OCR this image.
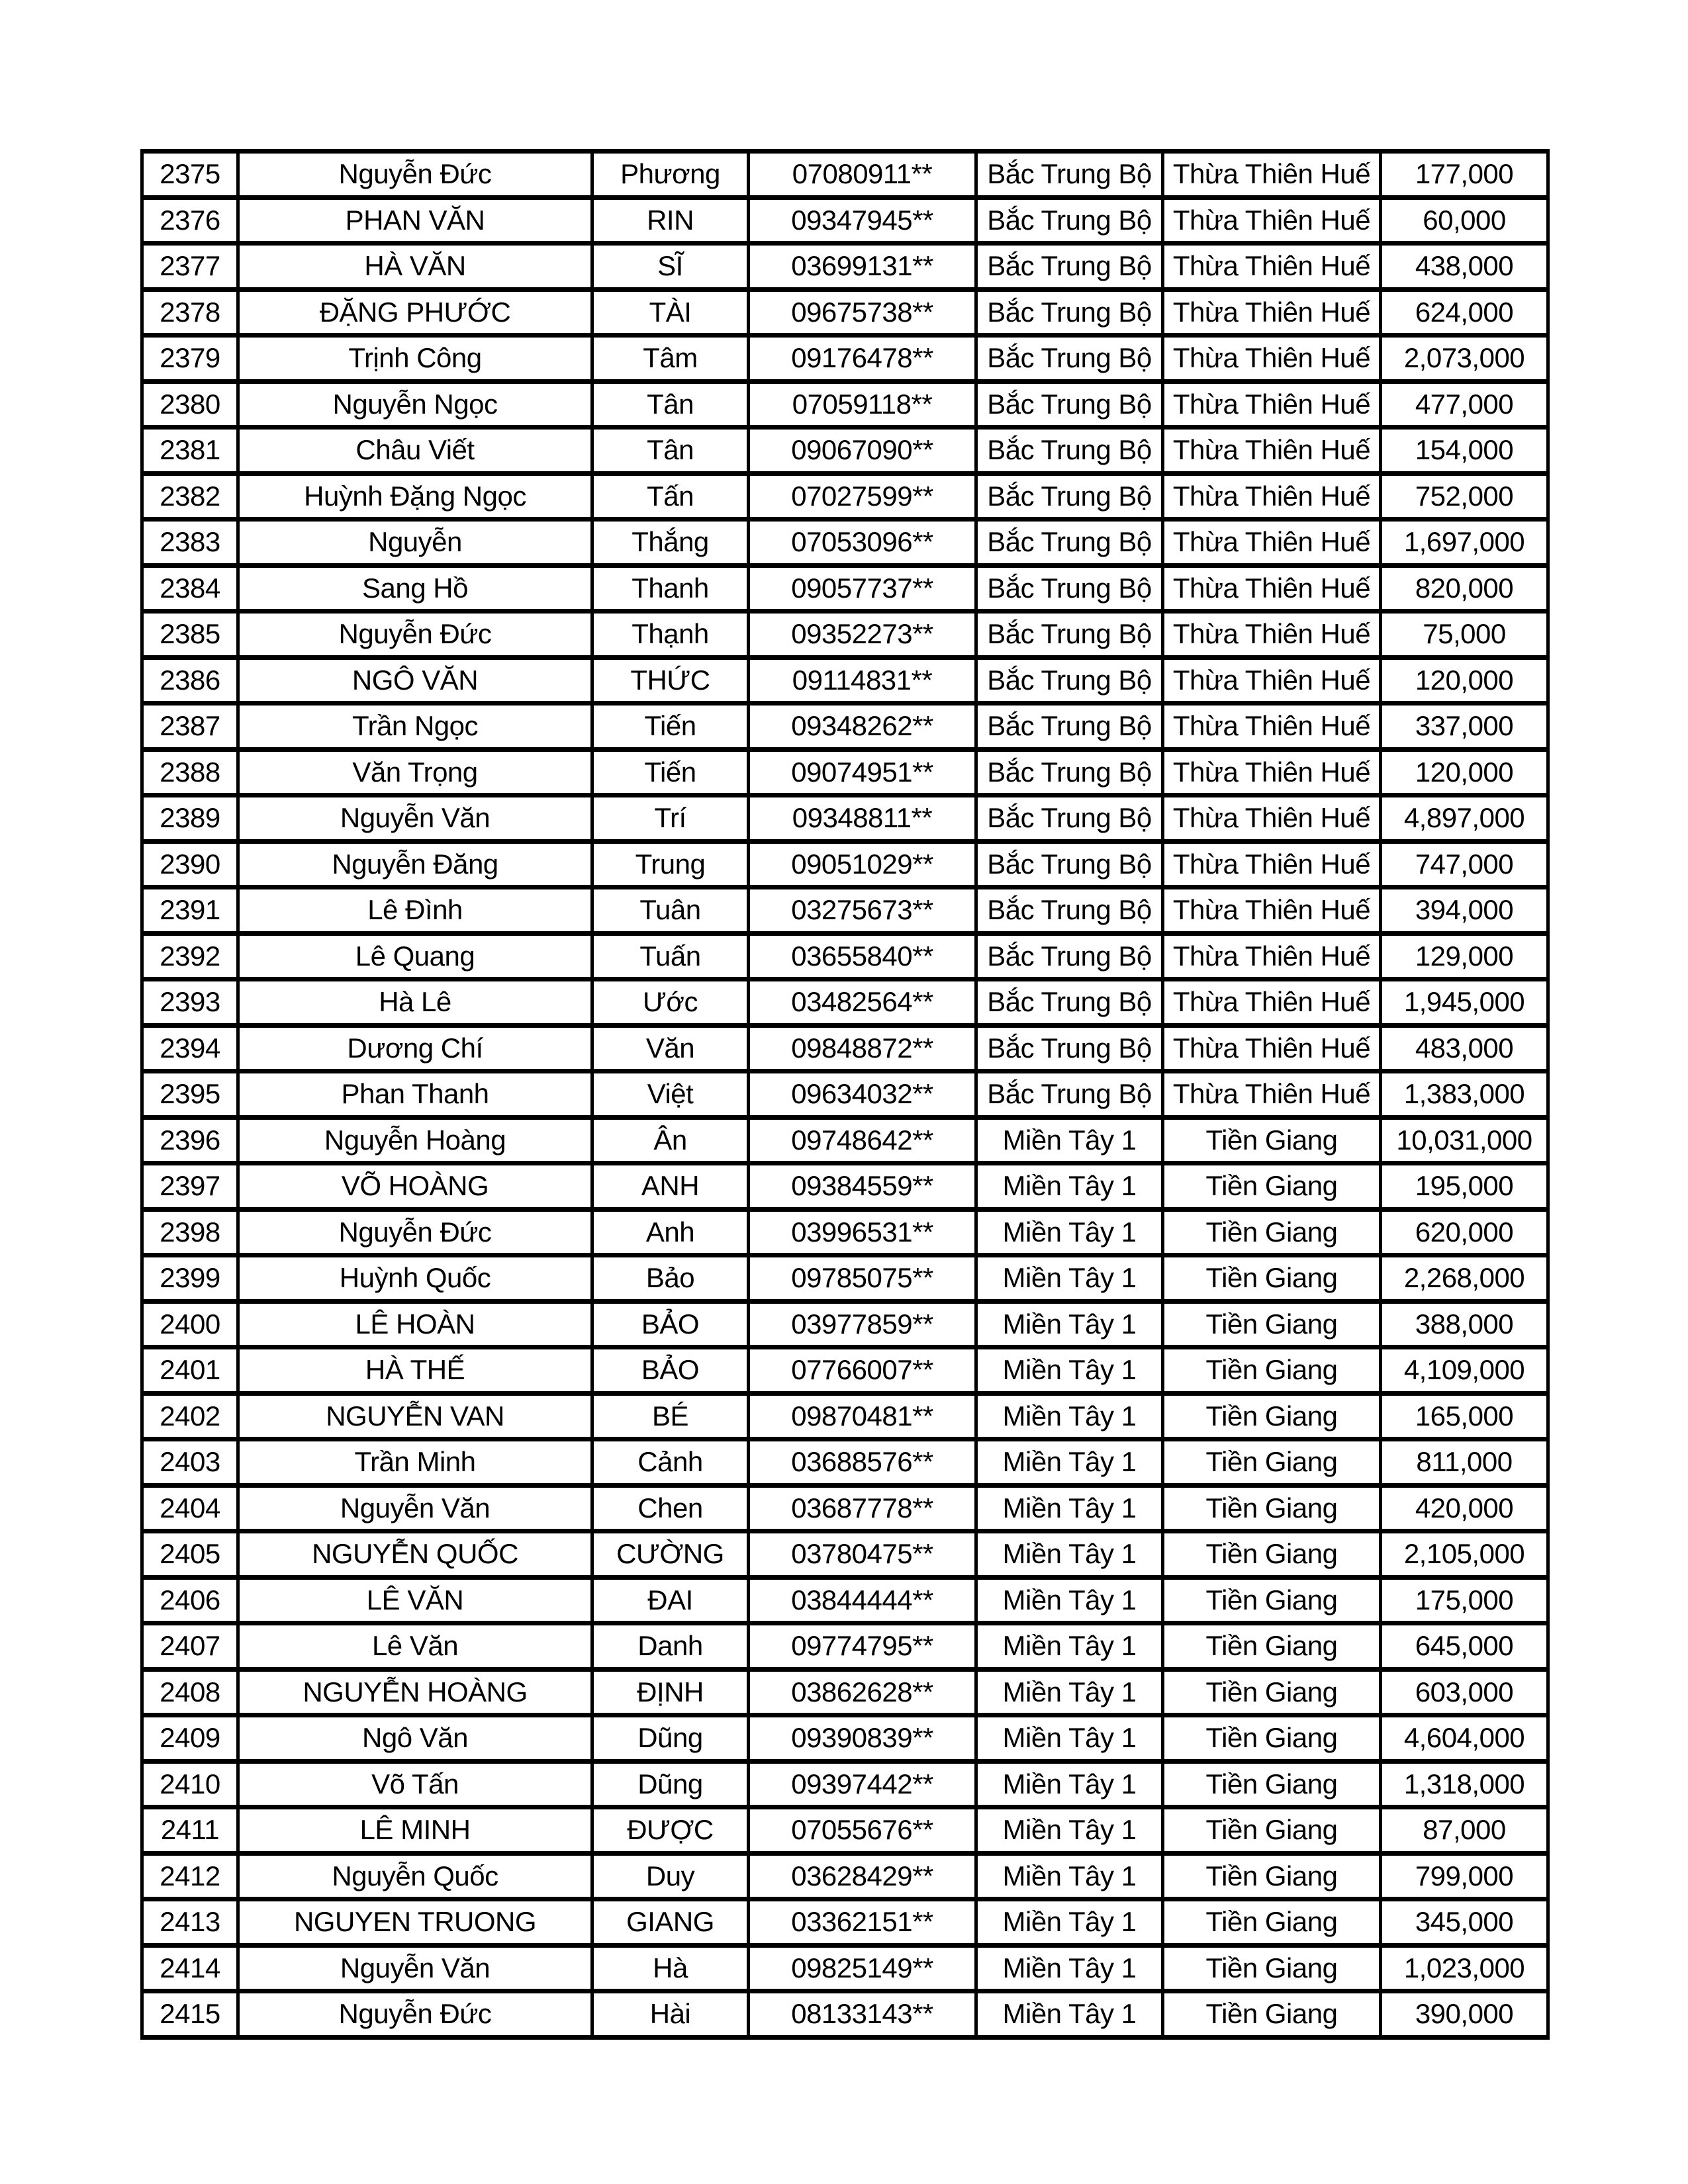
2375	Nguyễn Đức	Phương	07080911**	Bắc Trung Bộ	Thừa Thiên Huế	177,000
2376	PHAN VĂN	RIN	09347945**	Bắc Trung Bộ	Thừa Thiên Huế	60,000
2377	HÀ VĂN	SĨ	03699131**	Bắc Trung Bộ	Thừa Thiên Huế	438,000
2378	ĐẶNG PHƯỚC	TÀI	09675738**	Bắc Trung Bộ	Thừa Thiên Huế	624,000
2379	Trịnh Công	Tâm	09176478**	Bắc Trung Bộ	Thừa Thiên Huế	2,073,000
2380	Nguyễn Ngọc	Tân	07059118**	Bắc Trung Bộ	Thừa Thiên Huế	477,000
2381	Châu Viết	Tân	09067090**	Bắc Trung Bộ	Thừa Thiên Huế	154,000
2382	Huỳnh Đặng Ngọc	Tấn	07027599**	Bắc Trung Bộ	Thừa Thiên Huế	752,000
2383	Nguyễn	Thắng	07053096**	Bắc Trung Bộ	Thừa Thiên Huế	1,697,000
2384	Sang Hồ	Thanh	09057737**	Bắc Trung Bộ	Thừa Thiên Huế	820,000
2385	Nguyễn Đức	Thạnh	09352273**	Bắc Trung Bộ	Thừa Thiên Huế	75,000
2386	NGÔ VĂN	THỨC	09114831**	Bắc Trung Bộ	Thừa Thiên Huế	120,000
2387	Trần Ngọc	Tiến	09348262**	Bắc Trung Bộ	Thừa Thiên Huế	337,000
2388	Văn Trọng	Tiến	09074951**	Bắc Trung Bộ	Thừa Thiên Huế	120,000
2389	Nguyễn Văn	Trí	09348811**	Bắc Trung Bộ	Thừa Thiên Huế	4,897,000
2390	Nguyễn Đăng	Trung	09051029**	Bắc Trung Bộ	Thừa Thiên Huế	747,000
2391	Lê Đình	Tuân	03275673**	Bắc Trung Bộ	Thừa Thiên Huế	394,000
2392	Lê Quang	Tuấn	03655840**	Bắc Trung Bộ	Thừa Thiên Huế	129,000
2393	Hà Lê	Ước	03482564**	Bắc Trung Bộ	Thừa Thiên Huế	1,945,000
2394	Dương Chí	Văn	09848872**	Bắc Trung Bộ	Thừa Thiên Huế	483,000
2395	Phan Thanh	Việt	09634032**	Bắc Trung Bộ	Thừa Thiên Huế	1,383,000
2396	Nguyễn Hoàng	Ân	09748642**	Miền Tây 1	Tiền Giang	10,031,000
2397	VÕ HOÀNG	ANH	09384559**	Miền Tây 1	Tiền Giang	195,000
2398	Nguyễn Đức	Anh	03996531**	Miền Tây 1	Tiền Giang	620,000
2399	Huỳnh Quốc	Bảo	09785075**	Miền Tây 1	Tiền Giang	2,268,000
2400	LÊ HOÀN	BẢO	03977859**	Miền Tây 1	Tiền Giang	388,000
2401	HÀ THẾ	BẢO	07766007**	Miền Tây 1	Tiền Giang	4,109,000
2402	NGUYỄN VAN	BÉ	09870481**	Miền Tây 1	Tiền Giang	165,000
2403	Trần Minh	Cảnh	03688576**	Miền Tây 1	Tiền Giang	811,000
2404	Nguyễn Văn	Chen	03687778**	Miền Tây 1	Tiền Giang	420,000
2405	NGUYỄN QUỐC	CƯỜNG	03780475**	Miền Tây 1	Tiền Giang	2,105,000
2406	LÊ VĂN	ĐAI	03844444**	Miền Tây 1	Tiền Giang	175,000
2407	Lê Văn	Danh	09774795**	Miền Tây 1	Tiền Giang	645,000
2408	NGUYỄN HOÀNG	ĐỊNH	03862628**	Miền Tây 1	Tiền Giang	603,000
2409	Ngô Văn	Dũng	09390839**	Miền Tây 1	Tiền Giang	4,604,000
2410	Võ Tấn	Dũng	09397442**	Miền Tây 1	Tiền Giang	1,318,000
2411	LÊ MINH	ĐƯỢC	07055676**	Miền Tây 1	Tiền Giang	87,000
2412	Nguyễn Quốc	Duy	03628429**	Miền Tây 1	Tiền Giang	799,000
2413	NGUYEN TRUONG	GIANG	03362151**	Miền Tây 1	Tiền Giang	345,000
2414	Nguyễn Văn	Hà	09825149**	Miền Tây 1	Tiền Giang	1,023,000
2415	Nguyễn Đức	Hài	08133143**	Miền Tây 1	Tiền Giang	390,000
